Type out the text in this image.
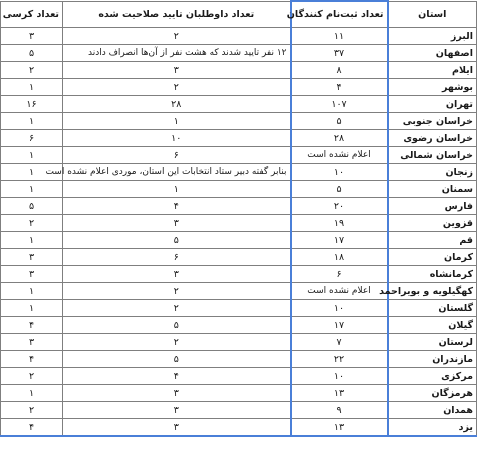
استان	تعداد ثبت‌نام کنندگان	تعداد داوطلبان تایید صلاحیت شده	تعداد کرسی
البرز	۱۱	۲	۳
اصفهان	۳۷	۱۲ نفر تایید شدند که هشت نفر از آن‌ها انصراف دادند	۵
ایلام	۸	۳	۲
بوشهر	۴	۲	۱
تهران	۱۰۷	۲۸	۱۶
خراسان جنوبی	۵	۱	۱
خراسان رضوی	۲۸	۱۰	۶
خراسان شمالی	اعلام نشده است	۶	۱
زنجان	۱۰	بنابر گفته دبیر ستاد انتخابات این استان، موردی اعلام نشده است	۱
سمنان	۵	۱	۱
فارس	۲۰	۴	۵
قزوین	۱۹	۳	۲
قم	۱۷	۵	۱
کرمان	۱۸	۶	۳
کرمانشاه	۶	۳	۳
کهگیلویه و بویراحمد	اعلام نشده است	۲	۱
گلستان	۱۰	۲	۱
گیلان	۱۷	۵	۴
لرستان	۷	۲	۳
مازندران	۲۲	۵	۴
مرکزی	۱۰	۴	۲
هرمزگان	۱۳	۳	۱
همدان	۹	۳	۲
یزد	۱۳	۳	۴
